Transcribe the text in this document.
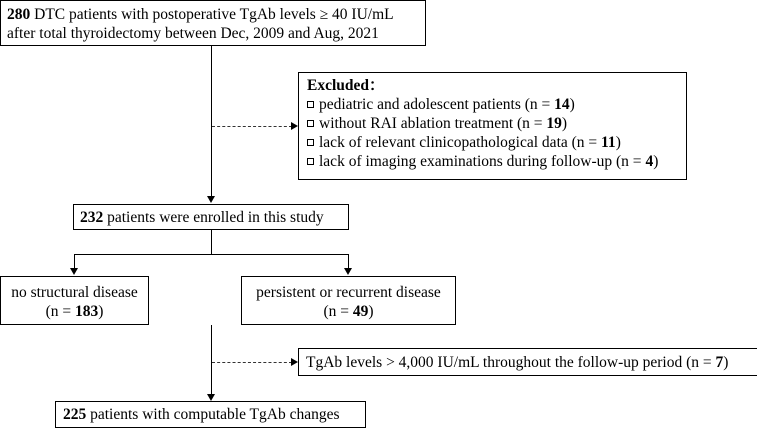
280 DTC patients with postoperative TgAb levels ≥ 40 IU/mL
after total thyroidectomy between Dec, 2009 and Aug, 2021
Excluded：
pediatric and adolescent patients (n = 14)
without RAI ablation treatment (n = 19)
lack of relevant clinicopathological data (n = 11)
lack of imaging examinations during follow-up (n = 4)
232 patients were enrolled in this study
no structural disease
(n = 183)
persistent or recurrent disease
(n = 49)
TgAb levels > 4,000 IU/mL throughout the follow-up period (n = 7)
225 patients with computable TgAb changes
